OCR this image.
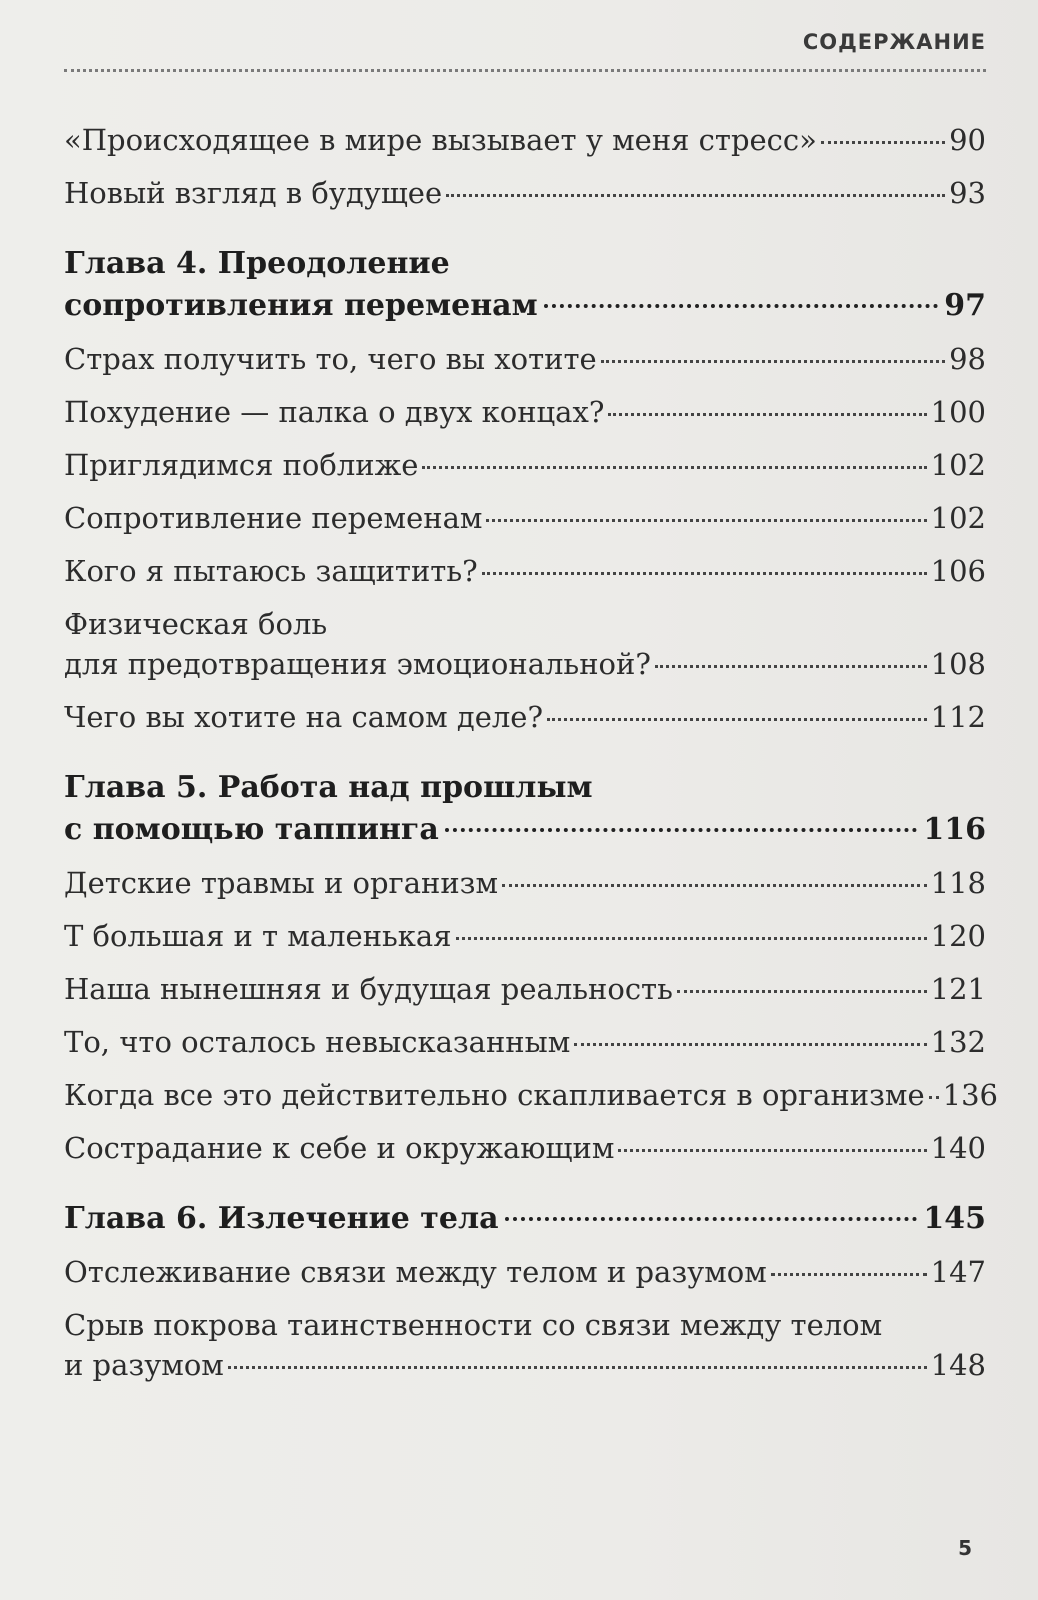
СОДЕРЖАНИЕ
«Происходящее в мире вызывает у меня стресс»	90
Новый взгляд в будущее	93
Глава 4. Преодоление
сопротивления переменам	97
Страх получить то, чего вы хотите	98
Похудение — палка о двух концах?	100
Приглядимся поближе	102
Сопротивление переменам	102
Кого я пытаюсь защитить?	106
Физическая боль
для предотвращения эмоциональной?	108
Чего вы хотите на самом деле?	112
Глава 5. Работа над прошлым
с помощью таппинга	116
Детские травмы и организм	118
Т большая и т маленькая	120
Наша нынешняя и будущая реальность	121
То, что осталось невысказанным	132
Когда все это действительно скапливается в организме 136
Сострадание к себе и окружающим	140
Глава 6. Излечение тела	145
Отслеживание связи между телом и разумом	147
Срыв покрова таинственности со связи между телом
и разумом	148
5
